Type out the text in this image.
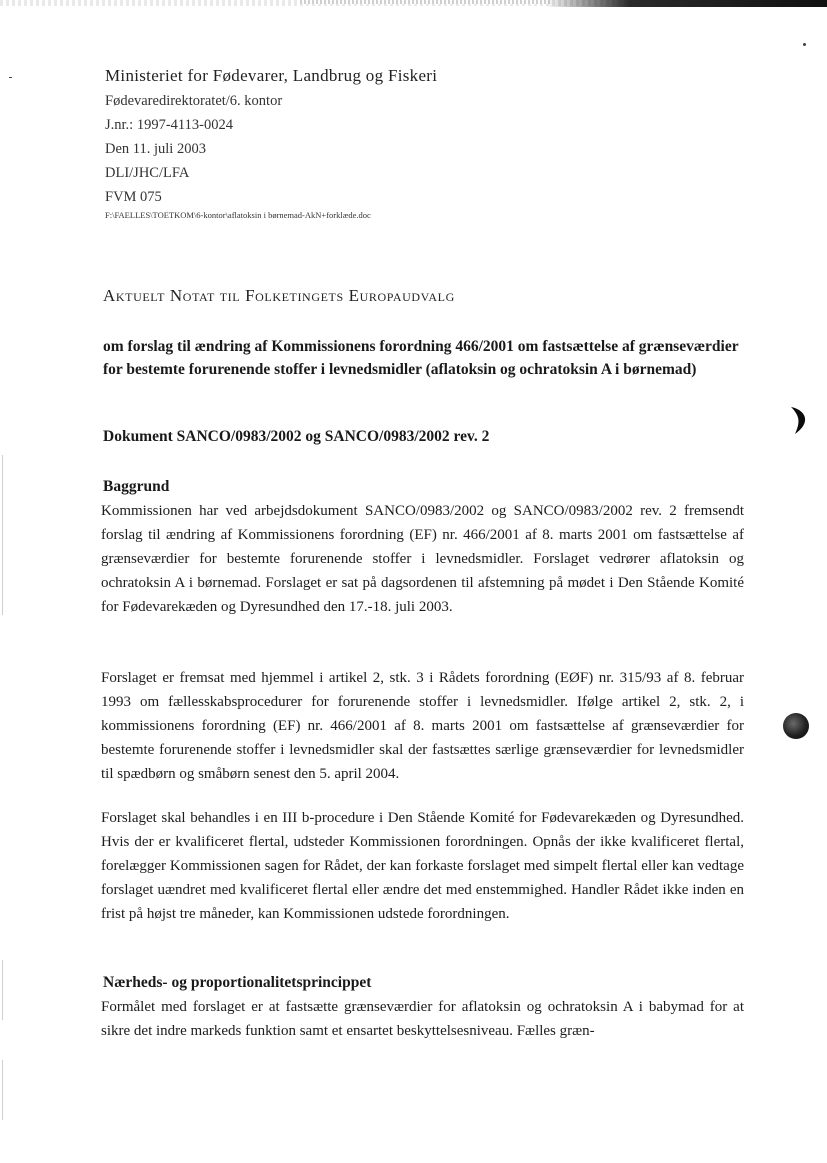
Ministeriet for Fødevarer, Landbrug og Fiskeri
Fødevaredirektoratet/6. kontor
J.nr.: 1997-4113-0024
Den 11. juli 2003
DLI/JHC/LFA
FVM 075
F:\FAELLES\TOETKOM\6-kontor\aflatoksin i børnemad-AkN+forklæde.doc
Aktuelt Notat til Folketingets Europaudvalg

om forslag til ændring af Kommissionens forordning 466/2001 om fastsættelse af grænseværdier for bestemte forurenende stoffer i levnedsmidler (aflatoksin og ochratoksin A i børnemad)

Dokument SANCO/0983/2002 og SANCO/0983/2002 rev. 2

Baggrund

Kommissionen har ved arbejdsdokument SANCO/0983/2002 og SANCO/0983/2002 rev. 2 fremsendt forslag til ændring af Kommissionens forordning (EF) nr. 466/2001 af 8. marts 2001 om fastsættelse af grænseværdier for bestemte forurenende stoffer i levnedsmidler. Forslaget vedrører aflatoksin og ochratoksin A i børnemad. Forslaget er sat på dagsordenen til afstemning på mødet i Den Stående Komité for Fødevarekæden og Dyresundhed den 17.-18. juli 2003.

Forslaget er fremsat med hjemmel i artikel 2, stk. 3 i Rådets forordning (EØF) nr. 315/93 af 8. februar 1993 om fællesskabsprocedurer for forurenende stoffer i levnedsmidler. Ifølge artikel 2, stk. 2, i kommissionens forordning (EF) nr. 466/2001 af 8. marts 2001 om fastsættelse af grænseværdier for bestemte forurenende stoffer i levnedsmidler skal der fastsættes særlige grænseværdier for levnedsmidler til spædbørn og småbørn senest den 5. april 2004.

Forslaget skal behandles i en III b-procedure i Den Stående Komité for Fødevarekæden og Dyresundhed. Hvis der er kvalificeret flertal, udsteder Kommissionen forordningen. Opnås der ikke kvalificeret flertal, forelægger Kommissionen sagen for Rådet, der kan forkaste forslaget med simpelt flertal eller kan vedtage forslaget uændret med kvalificeret flertal eller ændre det med enstemmighed. Handler Rådet ikke inden en frist på højst tre måneder, kan Kommissionen udstede forordningen.

Nærheds- og proportionalitetsprincippet

Formålet med forslaget er at fastsætte grænseværdier for aflatoksin og ochratoksin A i babymad for at sikre det indre markeds funktion samt et ensartet beskyttelsesniveau. Fælles græn-
